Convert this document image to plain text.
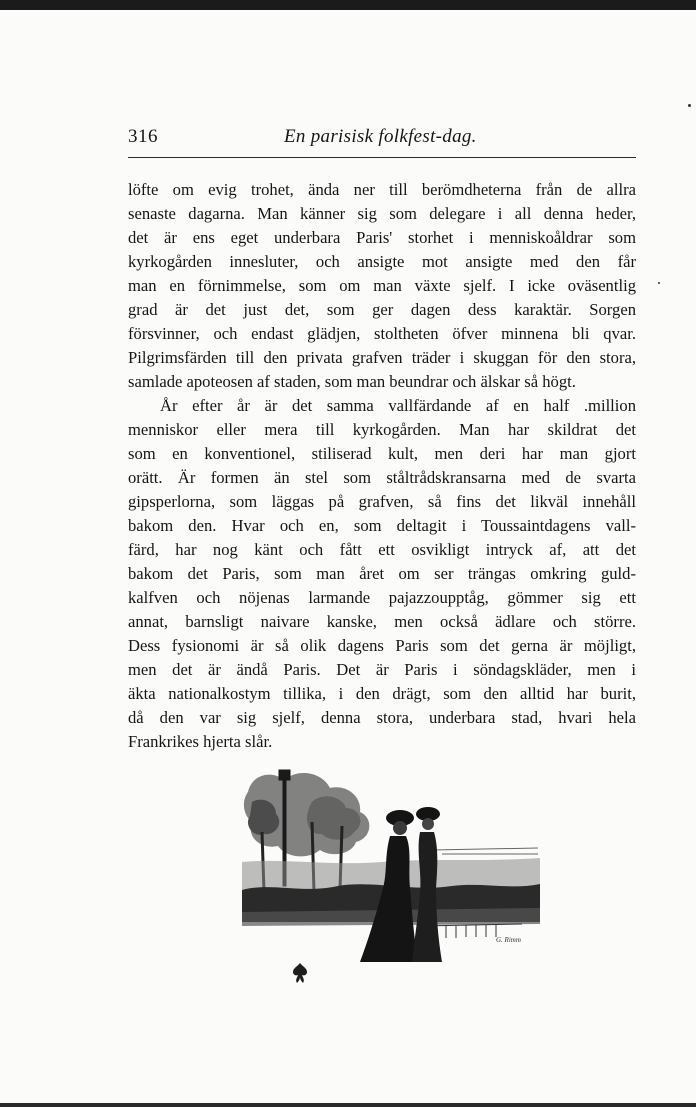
316	En parisisk folkfest-dag.
löfte om evig trohet, ända ner till berömdheterna från de allra
senaste dagarna. Man känner sig som delegare i all denna heder,
det är ens eget underbara Paris' storhet i menniskoåldrar som
kyrkogården innesluter, och ansigte mot ansigte med den får
man en förnimmelse, som om man växte sjelf. I icke oväsentlig
grad är det just det, som ger dagen dess karaktär. Sorgen
försvinner, och endast glädjen, stoltheten öfver minnena bli qvar.
Pilgrimsfärden till den privata grafven träder i skuggan för den stora,
samlade apoteosen af staden, som man beundrar och älskar så högt.
År efter år är det samma vallfärdande af en half .million
menniskor eller mera till kyrkogården. Man har skildrat det
som en konventionel, stiliserad kult, men deri har man gjort
orätt. Är formen än stel som ståltrådskransarna med de svarta
gipsperlorna, som läggas på grafven, så fins det likväl innehåll
bakom den. Hvar och en, som deltagit i Toussaintdagens vall-
färd, har nog känt och fått ett osvikligt intryck af, att det
bakom det Paris, som man året om ser trängas omkring guld-
kalfven och nöjenas larmande pajazzoupptåg, gömmer sig ett
annat, barnsligt naivare kanske, men också ädlare och större.
Dess fysionomi är så olik dagens Paris som det gerna är möjligt,
men det är ändå Paris. Det är Paris i söndagskläder, men i
äkta nationalkostym tillika, i den drägt, som den alltid har burit,
då den var sig sjelf, denna stora, underbara stad, hvari hela
Frankrikes hjerta slår.
G. Rimm
